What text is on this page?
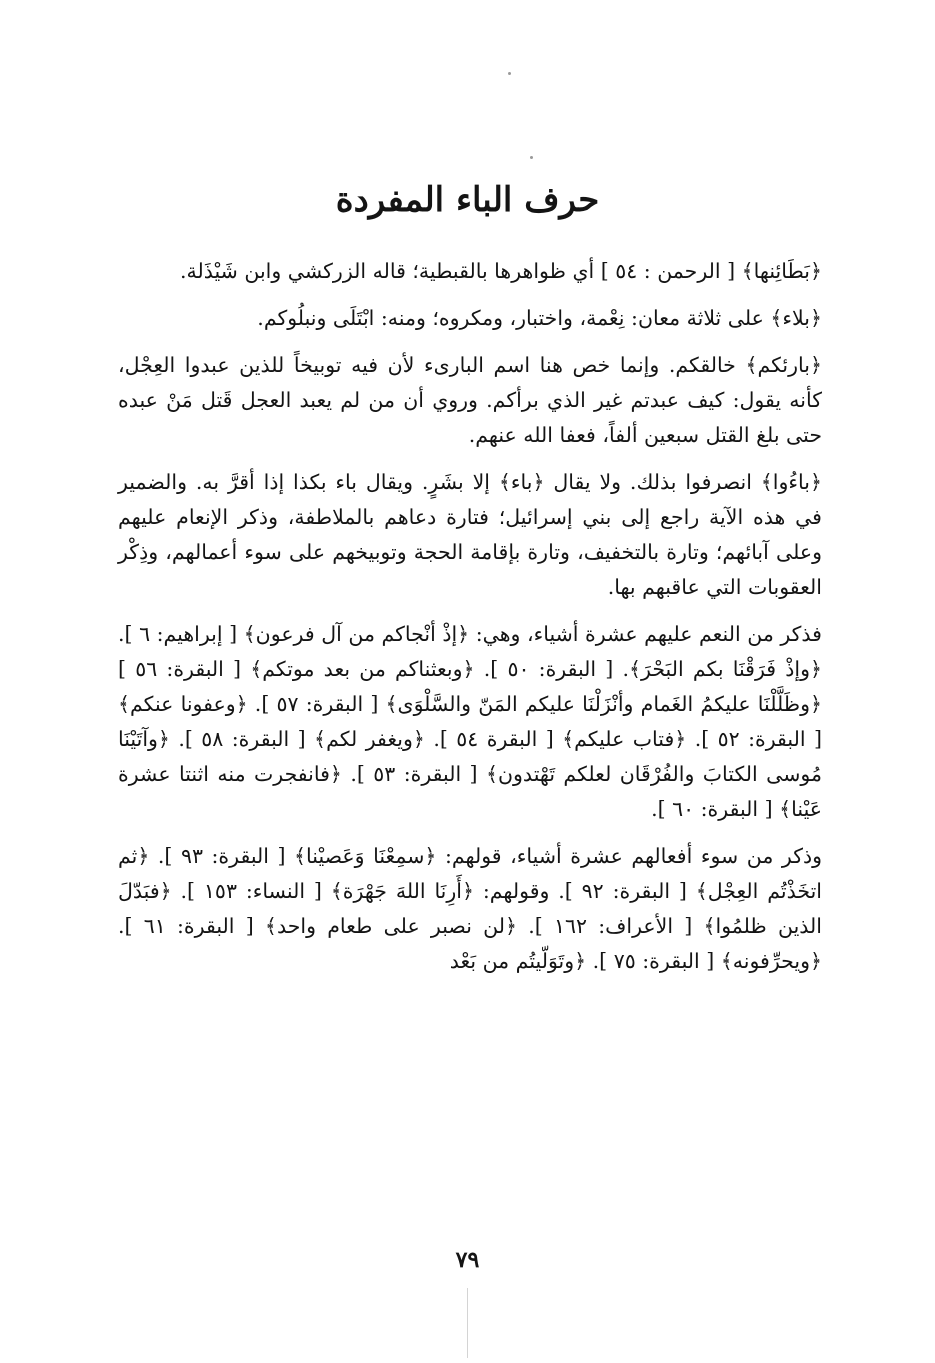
حرف الباء المفردة

﴿بَطَائِنها﴾ [ الرحمن : ٥٤ ] أي ظواهرها بالقبطية؛ قاله الزركشي وابن شَيْذَلة.

﴿بلاء﴾ على ثلاثة معان: نِعْمة، واختبار، ومكروه؛ ومنه: ابْتَلَى ونبلُوكم.

﴿بارئكم﴾ خالقكم. وإنما خص هنا اسم البارىء لأن فيه توبيخاً للذين عبدوا العِجْل، كأنه يقول: كيف عبدتم غير الذي برأكم. وروي أن من لم يعبد العجل قَتل مَنْ عبده حتى بلغ القتل سبعين ألفاً، فعفا الله عنهم.

﴿باءُوا﴾ انصرفوا بذلك. ولا يقال ﴿باء﴾ إلا بشَرٍ. ويقال باء بكذا إذا أقرَّ به. والضمير في هذه الآية راجع إلى بني إسرائيل؛ فتارة دعاهم بالملاطفة، وذكر الإنعام عليهم وعلى آبائهم؛ وتارة بالتخفيف، وتارة بإقامة الحجة وتوبيخهم على سوء أعمالهم، وذِكْر العقوبات التي عاقبهم بها.

فذكر من النعم عليهم عشرة أشياء، وهي: ﴿إذْ أنْجاكم من آل فرعون﴾ [ إبراهيم: ٦ ]. ﴿وإذْ فَرَقْنَا بكم البَحْرَ﴾. [ البقرة: ٥٠ ]. ﴿وبعثناكم من بعد موتكم﴾ [ البقرة: ٥٦ ] ﴿وظَلَّلْنَا عليكمُ الغَمام وأنْزَلْنَا عليكم المَنّ والسَّلْوَى﴾ [ البقرة: ٥٧ ]. ﴿وعفونا عنكم﴾ [ البقرة: ٥٢ ]. ﴿فتاب عليكم﴾ [ البقرة ٥٤ ]. ﴿ويغفر لكم﴾ [ البقرة: ٥٨ ]. ﴿وآتَيْنَا مُوسى الكتابَ والفُرْقَان لعلكم تَهْتدون﴾ [ البقرة: ٥٣ ]. ﴿فانفجرت منه اثنتا عشرة عَيْنا﴾ [ البقرة: ٦٠ ].

وذكر من سوء أفعالهم عشرة أشياء، قولهم: ﴿سمِعْنَا وَعَصيْنا﴾ [ البقرة: ٩٣ ]. ﴿ثم اتخَذْتُم العِجْل﴾ [ البقرة: ٩٢ ]. وقولهم: ﴿أَرِنَا اللهَ جَهْرَة﴾ [ النساء: ١٥٣ ]. ﴿فبَدّلَ الذين ظلمُوا﴾ [ الأعراف: ١٦٢ ]. ﴿لن نصبر على طعام واحد﴾ [ البقرة: ٦١ ]. ﴿ويحرِّفونه﴾ [ البقرة: ٧٥ ]. ﴿وتَوَلّيتُم من بَعْد

٧٩
